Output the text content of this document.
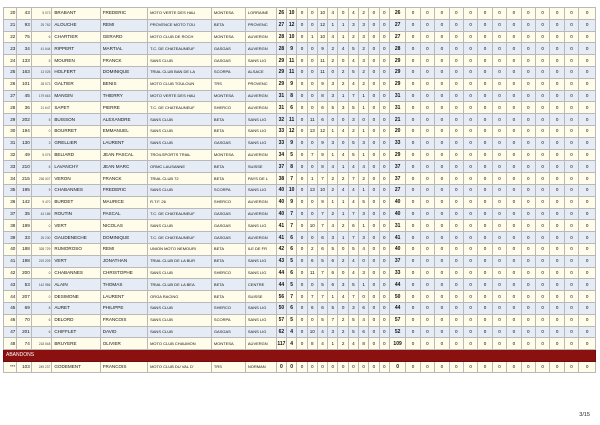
20	43	5 073	BRABANT	FREDERIC	MOTO VERTE DES HAU	MONTESA	LORRAINE	26	10	0	0	10	4	0	4	2	0	0	26	0	0	0	0	0	0	0	0	0	0	0	0	0
21	93	25 762	ALOUCHE	REMI	PROVENCE MOTO TOU	BETA	PROVENC	27	12	0	0	12	1	1	3	3	0	0	27	0	0	0	0	0	0	0	0	0	0	0	0	0
22	75	6	CHARTIER	GERARD	MOTO CLUB DE ROCH	MONTESA	AUVERGN	28	10	0	1	10	4	1	2	3	0	0	27	0	0	0	0	0	0	0	0	0	0	0	0	0
23	34	41 644	RIPPERT	MARTIAL	T.C. DE CHATEAUNEUF	GASGAS	AUVERGN	28	9	0	0	9	2	4	5	2	0	0	28	0	0	0	0	0	0	0	0	0	0	0	0	0
24	133	5	MOUREN	FRANCK	SANS CLUB	GASGAS	SANS LIG	29	11	0	0	11	2	0	4	3	0	0	29	0	0	0	0	0	0	0	0	0	0	0	0	0
25	163	13 025	HOLFERT	DOMINIQUE	TRIAL CLUB BAN DE LA	SCORPA	ALSACE	29	11	0	0	11	0	2	5	2	0	0	29	0	0	0	0	0	0	0	0	0	0	0	0	0
26	101	28 573	GALTIER	BENIS	MOTO CLUB TOULOUN	TRS	PROVENC	29	9	0	0	9	3	2	4	2	0	0	29	0	0	0	0	0	0	0	0	0	0	0	0	0
27	45	179 663	MANGIN	THIERRY	MOTO VERTE DES HAU	MONTESA	AUVERGN	31	8	0	0	8	3	1	7	1	0	0	31	0	0	0	0	0	0	0	0	0	0	0	0	0
28	36	21 647	SAPET	PIERRE	T.C. DE CHATEAUNEUF	SHERCO	AUVERGN	31	6	0	0	6	5	3	5	1	0	0	31	0	0	0	0	0	0	0	0	0	0	0	0	0
29	202	5	BUISSON	ALEXANDRE	SANS CLUB	BETA	SANS LIG	32	11	0	11	6	0	0	3	0	0	0	21	0	0	0	0	0	0	0	0	0	0	0	0	0
30	194	0	BOURRET	EMMANUEL	SANS CLUB	BETA	SANS LIG	33	12	0	13	12	1	4	2	1	0	0	20	0	0	0	0	0	0	0	0	0	0	0	0	0
31	130	3	GRELLIER	LAURENT	SANS CLUB	GASGAS	SANS LIG	33	9	0	0	9	3	0	5	3	0	0	33	0	0	0	0	0	0	0	0	0	0	0	0	0
32	49	5 075	BELIARD	JEAN PASCAL	TROILSPORTS TRIAL	MONTESA	AUVERGN	34	5	0	7	9	1	4	5	1	0	0	29	0	0	0	0	0	0	0	0	0	0	0	0	0
33	210	6	LAVANCHY	JEAN MARC	ORMC LAUSANNE	BETA	SUISSE	37	8	0	0	8	4	1	4	4	0	0	37	0	0	0	0	0	0	0	0	0	0	0	0	0
34	215	236 007	VERON	FRANCK	TRIAL CLUB 72	BETA	PAYS DE L	38	7	0	1	7	2	2	7	2	0	0	37	0	0	0	0	0	0	0	0	0	0	0	0	0
35	195	9	CHABANNES	FREDERIC	SANS CLUB	SCORPA	SANS LIG	40	10	0	13	10	2	4	4	1	0	0	27	0	0	0	0	0	0	0	0	0	0	0	0	0
36	142	9 470	BURDET	MAURICE	R.T.F. 26	SHERCO	AUVERGN	40	9	0	0	9	1	1	4	5	0	0	40	0	0	0	0	0	0	0	0	0	0	0	0	0
37	35	44 186	ROUTIN	PASCAL	T.C. DE CHATEAUNEUF	GASGAS	AUVERGN	40	7	0	0	7	2	1	7	3	0	0	40	0	0	0	0	0	0	0	0	0	0	0	0	0
38	199	0	VERT	NICOLAS	SANS CLUB	GASGAS	SANS LIG	41	7	0	10	7	4	2	6	1	0	0	31	0	0	0	0	0	0	0	0	0	0	0	0	0
39	33	25 230	GAUDENECHE	DOMINIQUE	T.C. DE CHATEAUNEUF	GASGAS	AUVERGN	41	6	0	0	6	3	1	7	3	0	0	41	0	0	0	0	0	0	0	0	0	0	0	0	0
40	188	328 729	RUMOROSO	REMI	UNION MOTO NEMOURI	BETA	ILE DE FR	42	6	0	2	6	5	0	5	4	0	0	40	0	0	0	0	0	0	0	0	0	0	0	0	0
41	198	219 209	VERT	JONATHAN	TRIAL CLUB DE LA BUR	BETA	SANS LIG	43	5	0	6	5	6	2	4	0	0	0	37	0	0	0	0	0	0	0	0	0	0	0	0	0
42	200	0	CHABANNES	CHRISTOPHE	SANS CLUB	SHERCO	SANS LIG	44	6	0	11	7	6	0	4	3	0	0	33	0	0	0	0	0	0	0	0	0	0	0	0	0
43	53	142 986	ALAIN	THOMAS	TRIAL CLUB DE LA BEA	BETA	CENTRE	44	5	0	0	5	6	3	5	1	0	0	44	0	0	0	0	0	0	0	0	0	0	0	0	0
44	207	0	DESIMONE	LAURENT	ORGA RACING	BETA	SUISSE	56	7	0	7	7	1	4	7	0	0	0	50	0	0	0	0	0	0	0	0	0	0	0	0	0
45	69	8	AURET	PHILIPPE	SANS CLUB	SHERCO	SANS LIG	50	6	0	6	6	5	0	3	6	0	0	44	0	0	0	0	0	0	0	0	0	0	0	0	0
46	70	6	DELORD	FRANCOIS	SANS CLUB	SCORPA	SANS LIG	57	5	0	0	5	7	2	5	4	0	0	57	0	0	0	0	0	0	0	0	0	0	0	0	0
47	201	6	CHIFFLET	DAVID	SANS CLUB	GASGAS	SANS LIG	62	4	0	10	4	3	2	5	6	0	0	52	0	0	0	0	0	0	0	0	0	0	0	0	0
48	74	218 548	BRUYERE	OLIVIER	MOTO CLUB CHAUMON	MONTESA	AUVERGN	117	4	0	8	4	1	2	4	8	0	0	109	0	0	0	0	0	0	0	0	0	0	0	0	0
ABANDONS																																
***	103	249 237	GODEMENT	FRANCOIS	MOTO CLUB DU VAL D'	TRS	NORMAN	0	0	0	0	0	0	0	0	0	0	0	0	0	0	0	0	0	0	0	0	0	0	0	0	0
3/15
